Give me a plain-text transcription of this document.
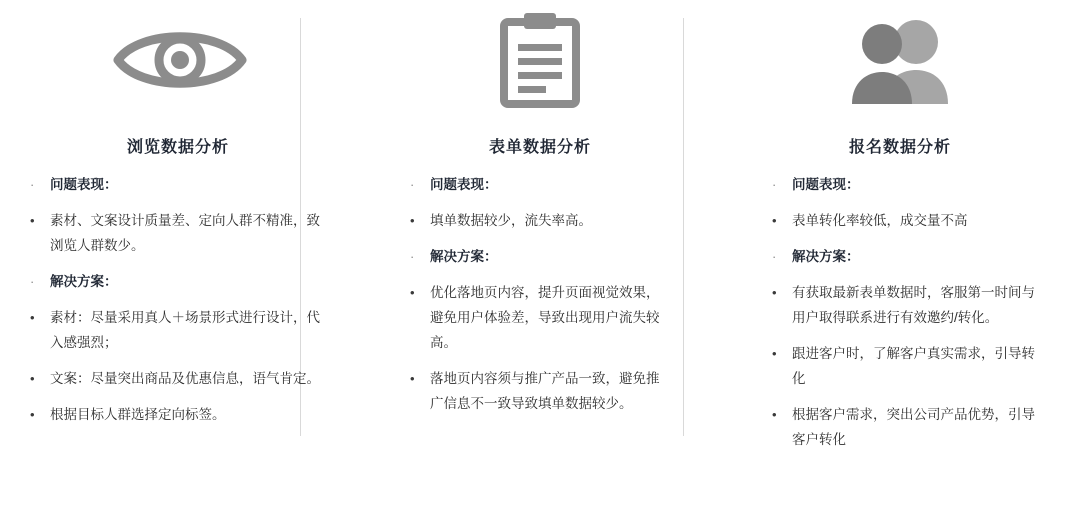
浏览数据分析
·	问题表现：
•	素材、文案设计质量差、定向人群不精准，致浏览人群数少。
·	解决方案：
•	素材：尽量采用真人＋场景形式进行设计，代入感强烈；
•	文案：尽量突出商品及优惠信息，语气肯定。
•	根据目标人群选择定向标签。
表单数据分析
·	问题表现：
•	填单数据较少，流失率高。
·	解决方案：
•	优化落地页内容，提升页面视觉效果，避免用户体验差，导致出现用户流失较高。
•	落地页内容须与推广产品一致，避免推广信息不一致导致填单数据较少。
报名数据分析
·	问题表现：
•	表单转化率较低，成交量不高
·	解决方案：
•	有获取最新表单数据时，客服第一时间与用户取得联系进行有效邀约/转化。
•	跟进客户时，了解客户真实需求，引导转化
•	根据客户需求，突出公司产品优势，引导客户转化
